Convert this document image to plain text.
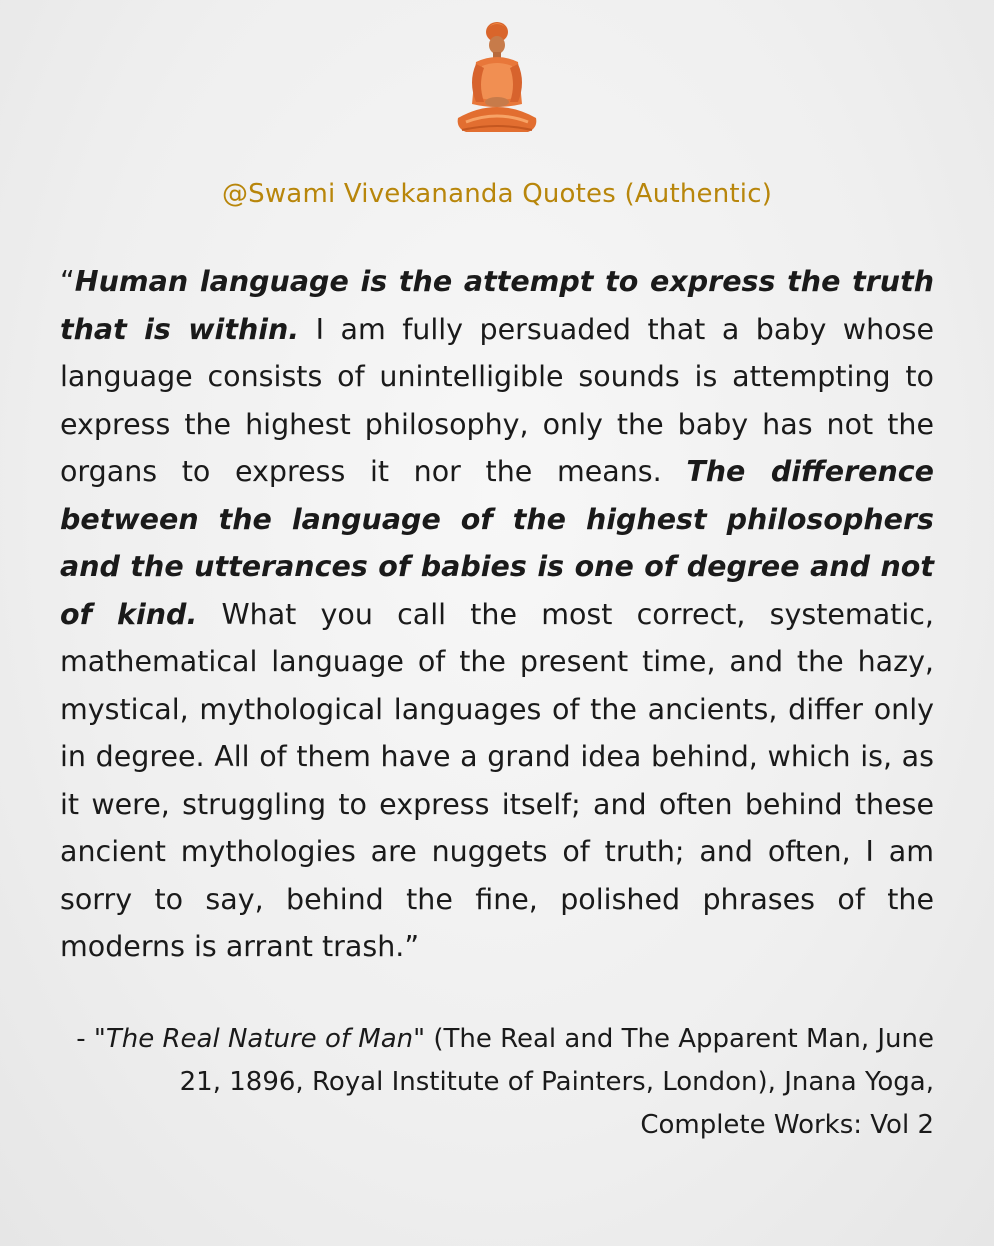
@Swami Vivekananda Quotes (Authentic)

“Human language is the attempt to express the truth that is within. I am fully persuaded that a baby whose language consists of unintelligible sounds is attempting to express the highest philosophy, only the baby has not the organs to express it nor the means. The difference between the language of the highest philosophers and the utterances of babies is one of degree and not of kind. What you call the most correct, systematic, mathematical language of the present time, and the hazy, mystical, mythological languages of the ancients, differ only in degree. All of them have a grand idea behind, which is, as it were, struggling to express itself; and often behind these ancient mythologies are nuggets of truth; and often, I am sorry to say, behind the fine, polished phrases of the moderns is arrant trash.”

- "The Real Nature of Man" (The Real and The Apparent Man, June 21, 1896, Royal Institute of Painters, London), Jnana Yoga, Complete Works: Vol 2
